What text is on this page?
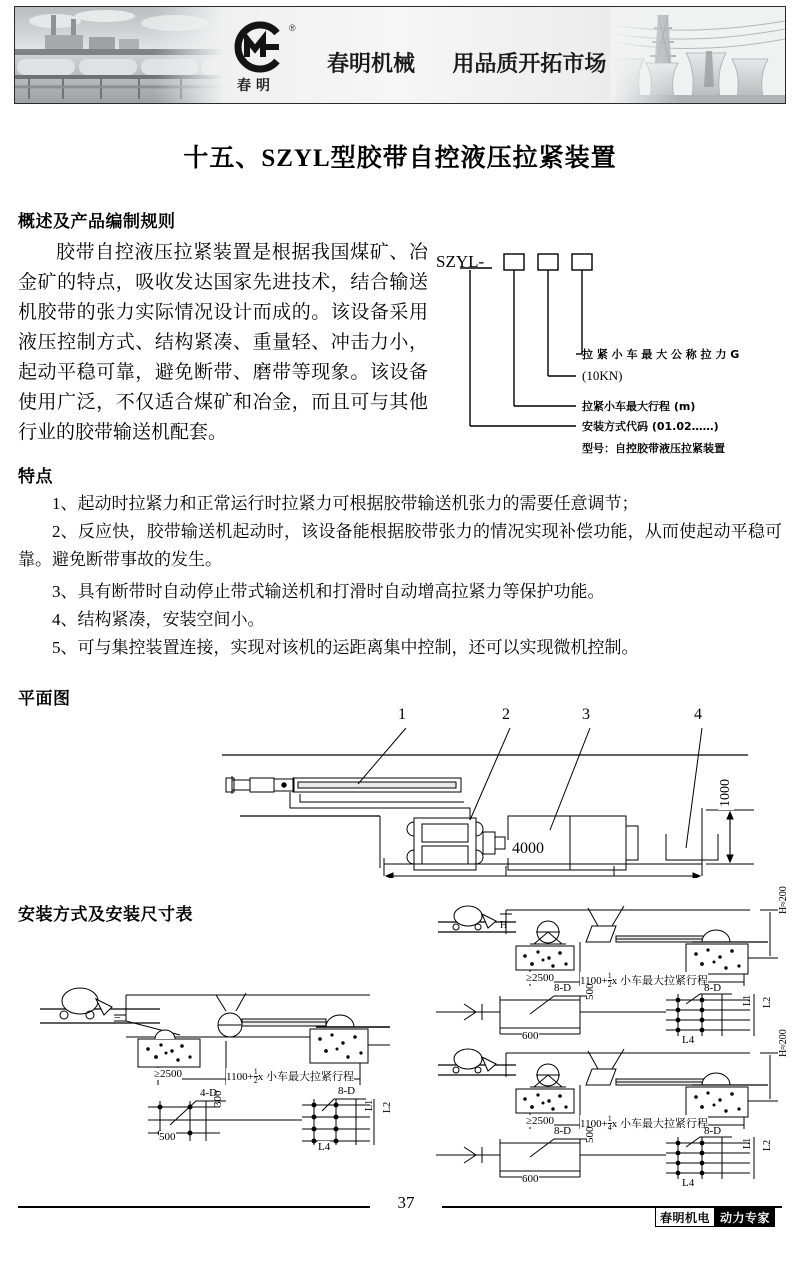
®
春明
春明机械 用品质开拓市场
十五、SZYL型胶带自控液压拉紧装置
概述及产品编制规则

胶带自控液压拉紧装置是根据我国煤矿、冶金矿的特点，吸收发达国家先进技术，结合输送机胶带的张力实际情况设计而成的。该设备采用液压控制方式、结构紧凑、重量轻、冲击力小，起动平稳可靠，避免断带、磨带等现象。该设备使用广泛，不仅适合煤矿和冶金，而且可与其他行业的胶带输送机配套。

SZYL-
拉 紧 小 车 最 大 公 称 拉 力 G
(10KN)
拉紧小车最大行程 (m)
安装方式代码 (01.02……)
型号：自控胶带液压拉紧装置
特点
1、起动时拉紧力和正常运行时拉紧力可根据胶带输送机张力的需要任意调节；
2、反应快，胶带输送机起动时，该设备能根据胶带张力的情况实现补偿功能，从而使起动平稳可靠。避免断带事故的发生。
3、具有断带时自动停止带式输送机和打滑时自动增高拉紧力等保护功能。
4、结构紧凑，安装空间小。
5、可与集控装置连接，实现对该机的运距离集中控制，还可以实现微机控制。
平面图
1	2	3	4
4000
1000
安装方式及安装尺寸表
≥2500	$1100+ \frac{1}{2}$ x 小车最大拉紧行程
=
4-D	8-D
500
300	L1 L2
L4
≥2500 $1100+ \frac{1}{2}$ x 小车最大拉紧行程
H
H≈200
8-D	8-D
600
500
L1 L2
L4
≥2500 $1100+ \frac{1}{4}$ x 小车最大拉紧行程
H≈200
8-D	8-D
600
500
L1 L2
L4
37
春明机电 动力专家
